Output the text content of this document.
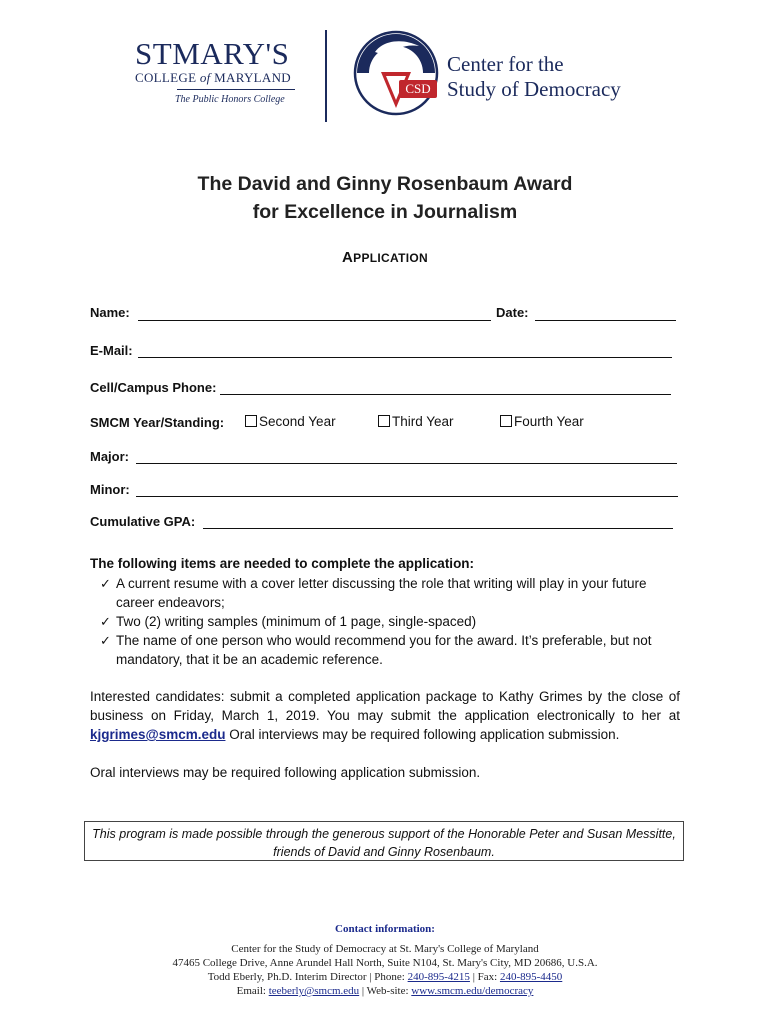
STMARY'S
COLLEGE of MARYLAND
The Public Honors College
CSD
Center for the
Study of Democracy
The David and Ginny Rosenbaum Award
for Excellence in Journalism
APPLICATION
Name:	Date:
E-Mail:
Cell/Campus Phone:
SMCM Year/Standing:	Second Year	Third Year	Fourth Year
Major:
Minor:
Cumulative GPA:
The following items are needed to complete the application:
✓ A current resume with a cover letter discussing the role that writing will play in your future career endeavors;
✓ Two (2) writing samples (minimum of 1 page, single-spaced)
✓ The name of one person who would recommend you for the award. It’s preferable, but not mandatory, that it be an academic reference.
Interested candidates: submit a completed application package to Kathy Grimes by the close of business on Friday, March 1, 2019. You may submit the application electronically to her at kjgrimes@smcm.edu Oral interviews may be required following application submission.
Oral interviews may be required following application submission.
This program is made possible through the generous support of the Honorable Peter and Susan Messitte,
friends of David and Ginny Rosenbaum.
Contact information:
Center for the Study of Democracy at St. Mary's College of Maryland
47465 College Drive, Anne Arundel Hall North, Suite N104, St. Mary's City, MD 20686, U.S.A.
Todd Eberly, Ph.D. Interim Director | Phone: 240-895-4215 | Fax: 240-895-4450
Email: teeberly@smcm.edu | Web-site: www.smcm.edu/democracy
